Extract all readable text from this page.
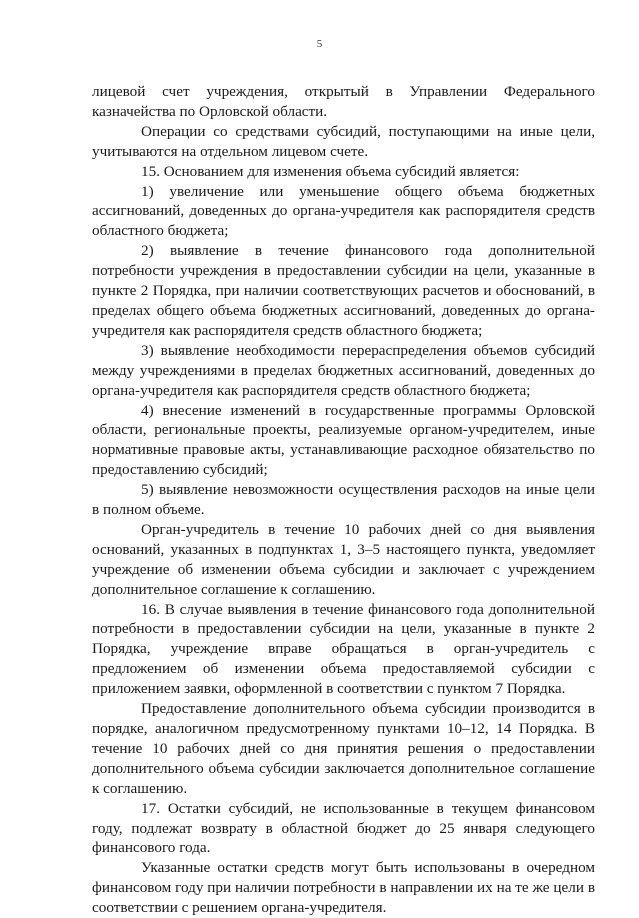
5

лицевой счет учреждения, открытый в Управлении Федерального казначейства по Орловской области.

Операции со средствами субсидий, поступающими на иные цели, учитываются на отдельном лицевом счете.

15. Основанием для изменения объема субсидий является:

1) увеличение или уменьшение общего объема бюджетных ассигнований, доведенных до органа-учредителя как распорядителя средств областного бюджета;

2) выявление в течение финансового года дополнительной потребности учреждения в предоставлении субсидии на цели, указанные в пункте 2 Порядка, при наличии соответствующих расчетов и обоснований, в пределах общего объема бюджетных ассигнований, доведенных до органа-учредителя как распорядителя средств областного бюджета;

3) выявление необходимости перераспределения объемов субсидий между учреждениями в пределах бюджетных ассигнований, доведенных до органа-учредителя как распорядителя средств областного бюджета;

4) внесение изменений в государственные программы Орловской области, региональные проекты, реализуемые органом-учредителем, иные нормативные правовые акты, устанавливающие расходное обязательство по предоставлению субсидий;

5) выявление невозможности осуществления расходов на иные цели в полном объеме.

Орган-учредитель в течение 10 рабочих дней со дня выявления оснований, указанных в подпунктах 1, 3–5 настоящего пункта, уведомляет учреждение об изменении объема субсидии и заключает с учреждением дополнительное соглашение к соглашению.

16. В случае выявления в течение финансового года дополнительной потребности в предоставлении субсидии на цели, указанные в пункте 2 Порядка, учреждение вправе обращаться в орган-учредитель с предложением об изменении объема предоставляемой субсидии с приложением заявки, оформленной в соответствии с пунктом 7 Порядка.

Предоставление дополнительного объема субсидии производится в порядке, аналогичном предусмотренному пунктами 10–12, 14 Порядка. В течение 10 рабочих дней со дня принятия решения о предоставлении дополнительного объема субсидии заключается дополнительное соглашение к соглашению.

17. Остатки субсидий, не использованные в текущем финансовом году, подлежат возврату в областной бюджет до 25 января следующего финансового года.

Указанные остатки средств могут быть использованы в очередном финансовом году при наличии потребности в направлении их на те же цели в соответствии с решением органа-учредителя.
